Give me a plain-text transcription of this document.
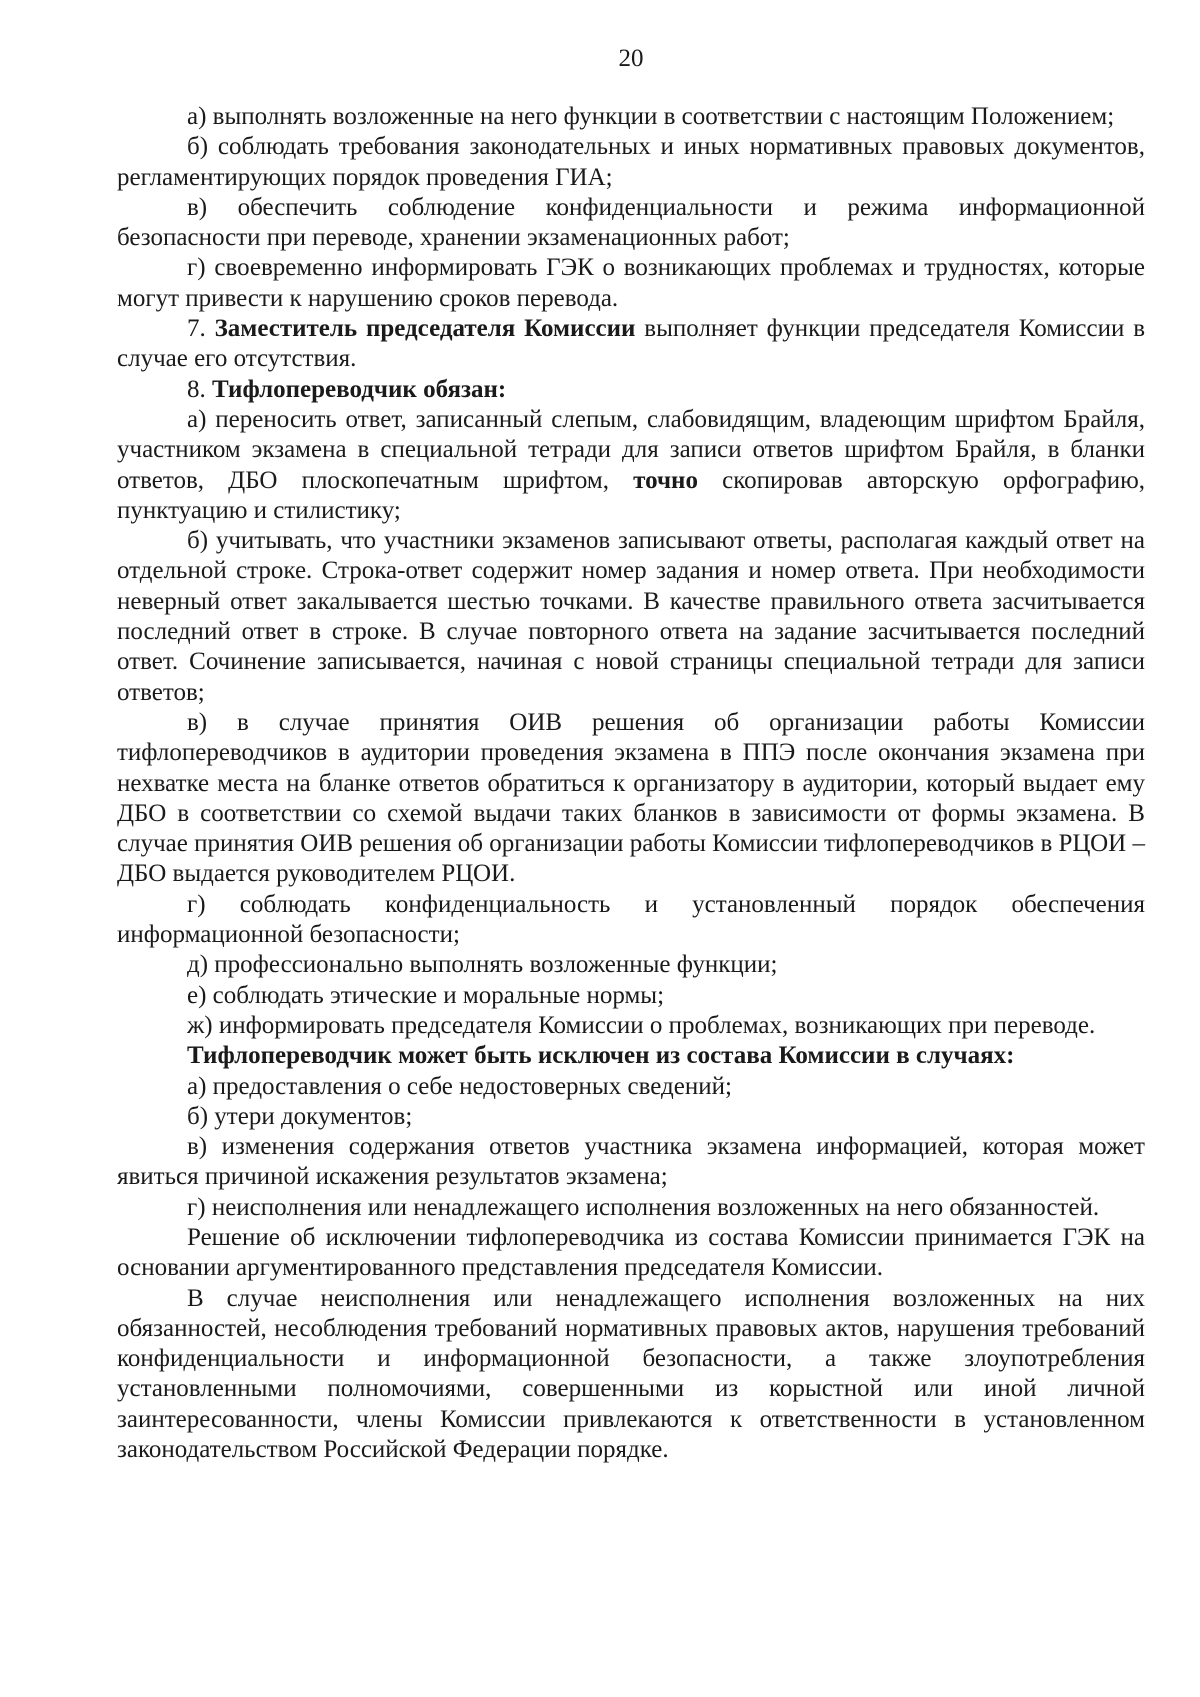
20

а) выполнять возложенные на него функции в соответствии с настоящим Положением;

б) соблюдать требования законодательных и иных нормативных правовых документов, регламентирующих порядок проведения ГИА;

в) обеспечить соблюдение конфиденциальности и режима информационной безопасности при переводе, хранении экзаменационных работ;

г) своевременно информировать ГЭК о возникающих проблемах и трудностях, которые могут привести к нарушению сроков перевода.

7. Заместитель председателя Комиссии выполняет функции председателя Комиссии в случае его отсутствия.

8. Тифлопереводчик обязан:

а) переносить ответ, записанный слепым, слабовидящим, владеющим шрифтом Брайля, участником экзамена в специальной тетради для записи ответов шрифтом Брайля, в бланки ответов, ДБО плоскопечатным шрифтом, точно скопировав авторскую орфографию, пунктуацию и стилистику;

б) учитывать, что участники экзаменов записывают ответы, располагая каждый ответ на отдельной строке. Строка-ответ содержит номер задания и номер ответа. При необходимости неверный ответ закалывается шестью точками. В качестве правильного ответа засчитывается последний ответ в строке. В случае повторного ответа на задание засчитывается последний ответ. Сочинение записывается, начиная с новой страницы специальной тетради для записи ответов;

в) в случае принятия ОИВ решения об организации работы Комиссии тифлопереводчиков в аудитории проведения экзамена в ППЭ после окончания экзамена при нехватке места на бланке ответов обратиться к организатору в аудитории, который выдает ему ДБО в соответствии со схемой выдачи таких бланков в зависимости от формы экзамена. В случае принятия ОИВ решения об организации работы Комиссии тифлопереводчиков в РЦОИ – ДБО выдается руководителем РЦОИ.

г) соблюдать конфиденциальность и установленный порядок обеспечения информационной безопасности;

д) профессионально выполнять возложенные функции;

е) соблюдать этические и моральные нормы;

ж) информировать председателя Комиссии о проблемах, возникающих при переводе.

Тифлопереводчик может быть исключен из состава Комиссии в случаях:

а) предоставления о себе недостоверных сведений;

б) утери документов;

в) изменения содержания ответов участника экзамена информацией, которая может явиться причиной искажения результатов экзамена;

г) неисполнения или ненадлежащего исполнения возложенных на него обязанностей.

Решение об исключении тифлопереводчика из состава Комиссии принимается ГЭК на основании аргументированного представления председателя Комиссии.

В случае неисполнения или ненадлежащего исполнения возложенных на них обязанностей, несоблюдения требований нормативных правовых актов, нарушения требований конфиденциальности и информационной безопасности, а также злоупотребления установленными полномочиями, совершенными из корыстной или иной личной заинтересованности, члены Комиссии привлекаются к ответственности в установленном законодательством Российской Федерации порядке.
